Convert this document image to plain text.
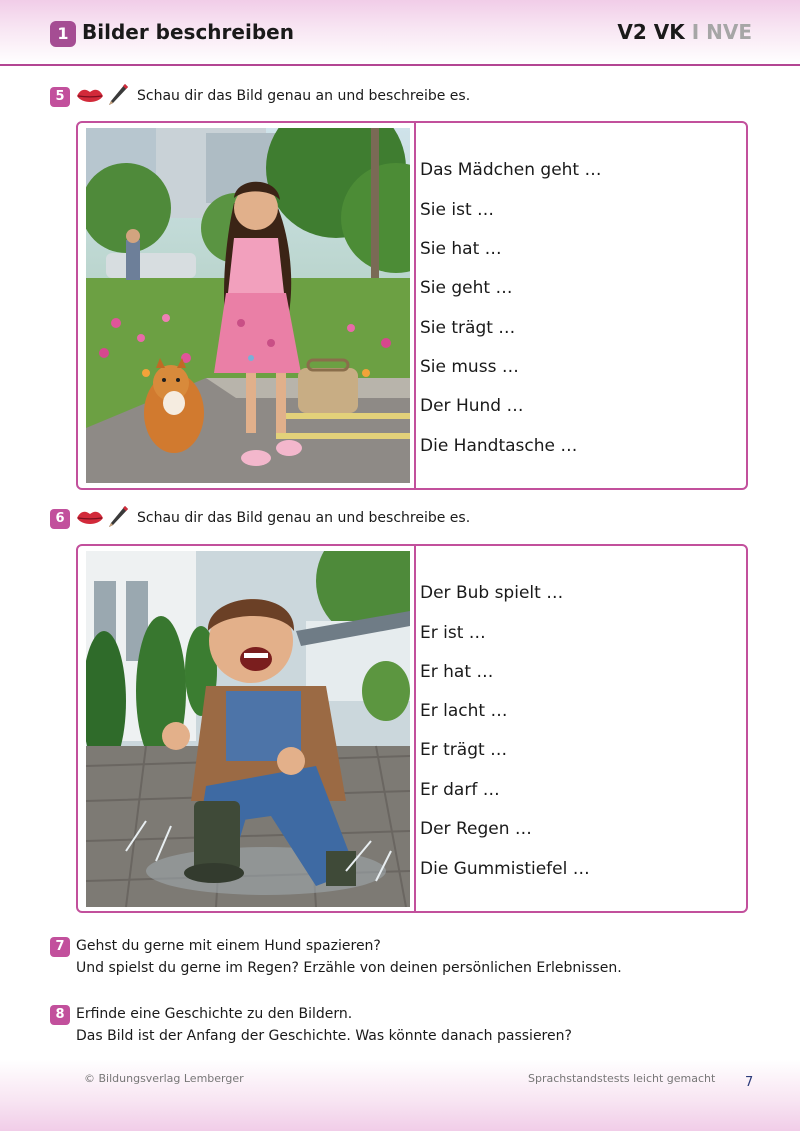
1 Bilder beschreiben	V2 VK I NVE
5	Schau dir das Bild genau an und beschreibe es.
Das Mädchen geht …
Sie ist …
Sie hat …
Sie geht …
Sie trägt …
Sie muss …
Der Hund …
Die Handtasche …
6	Schau dir das Bild genau an und beschreibe es.
Der Bub spielt …
Er ist …
Er hat …
Er lacht …
Er trägt …
Er darf …
Der Regen …
Die Gummistiefel …
7 Gehst du gerne mit einem Hund spazieren?
Und spielst du gerne im Regen? Erzähle von deinen persönlichen Erlebnissen.
8 Erfinde eine Geschichte zu den Bildern.
Das Bild ist der Anfang der Geschichte. Was könnte danach passieren?
© Bildungsverlag Lemberger	Sprachstandstests leicht gemacht 7
